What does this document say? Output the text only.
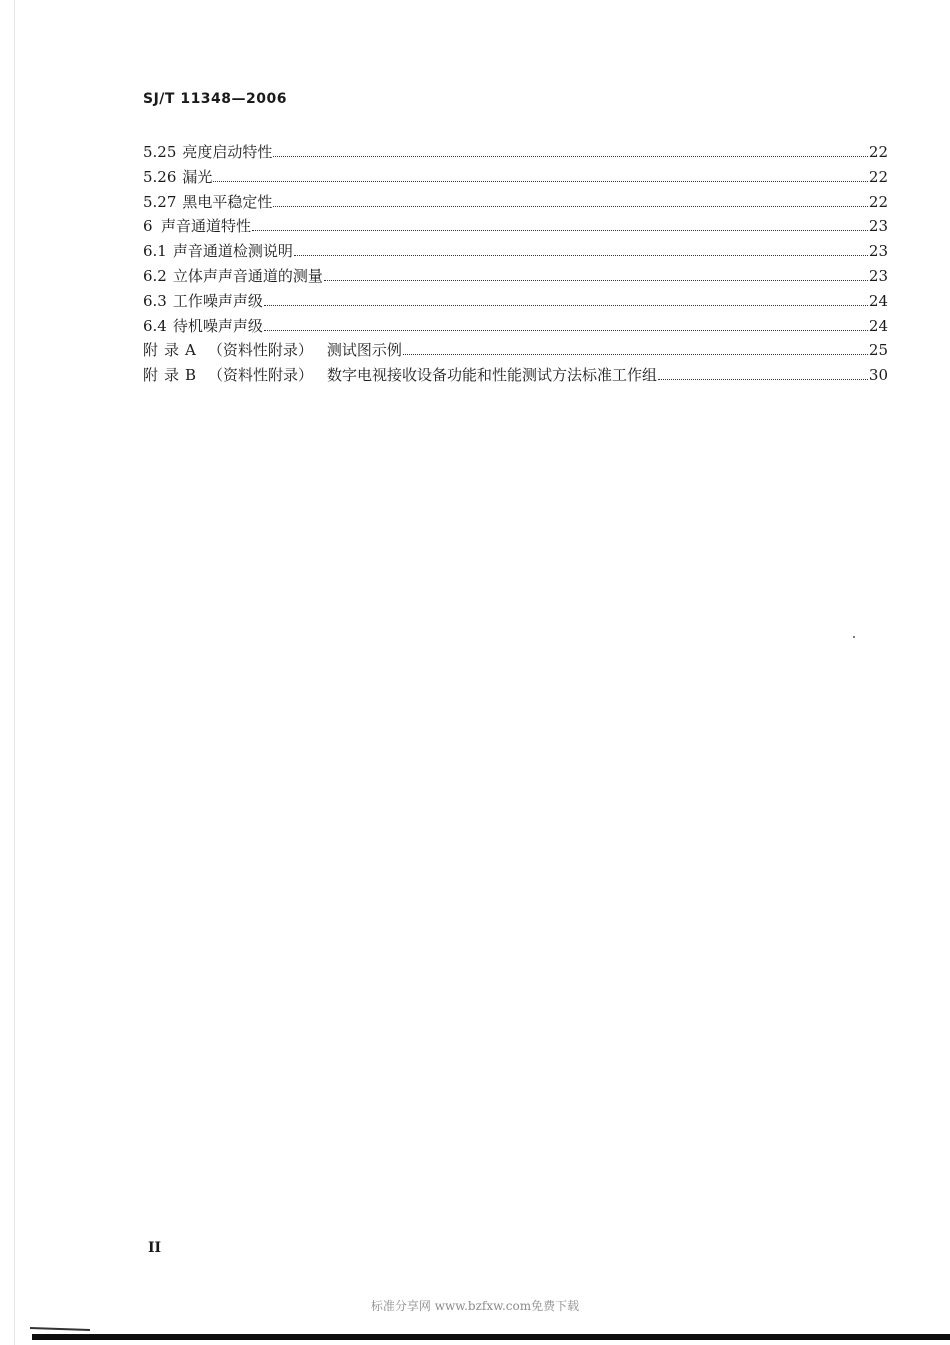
SJ/T 11348—2006
5.25 亮度启动特性	22
5.26 漏光	22
5.27 黑电平稳定性	22
6 声音通道特性	23
6.1 声音通道检测说明	23
6.2 立体声声音通道的测量	23
6.3 工作噪声声级	24
6.4 待机噪声声级	24
附录A （资料性附录） 测试图示例	25
附录B （资料性附录） 数字电视接收设备功能和性能测试方法标准工作组	30
II
标准分享网 www.bzfxw.com免费下载
